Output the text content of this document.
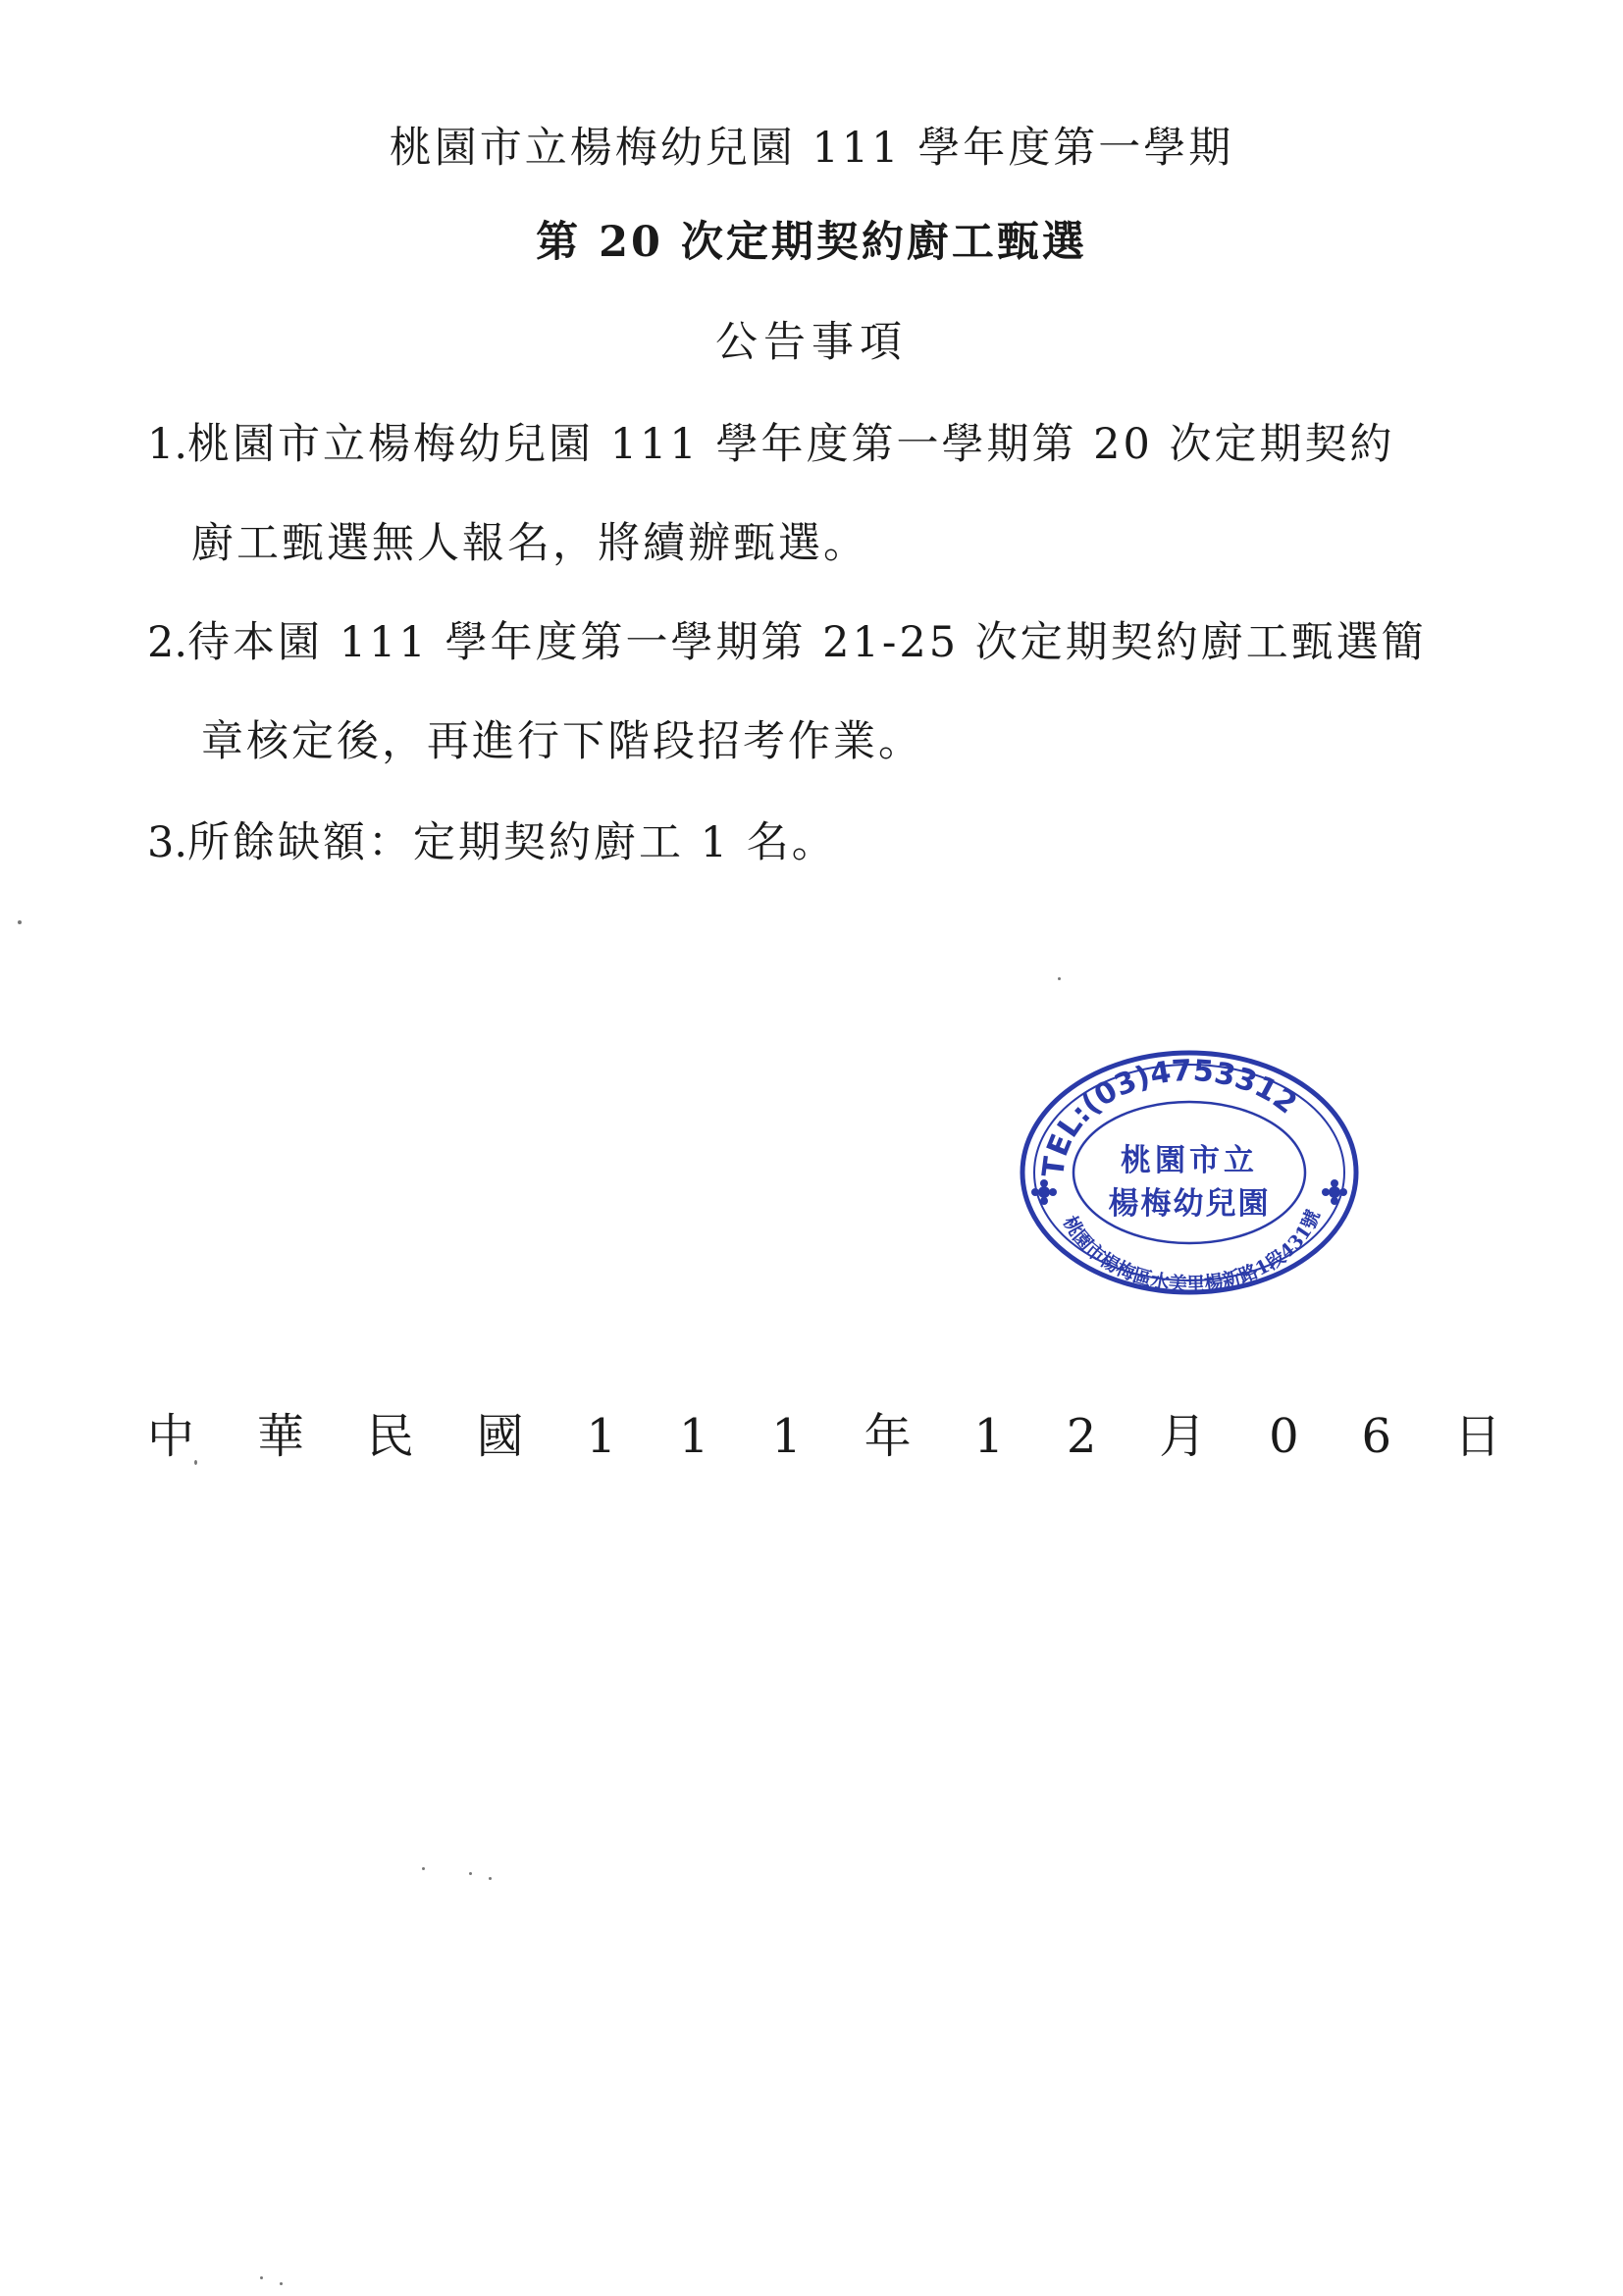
桃園市立楊梅幼兒園 111 學年度第一學期
第 20 次定期契約廚工甄選
公告事項
1.桃園市立楊梅幼兒園 111 學年度第一學期第 20 次定期契約
廚工甄選無人報名，將續辦甄選。
2.待本園 111 學年度第一學期第 21-25 次定期契約廚工甄選簡
章核定後，再進行下階段招考作業。
3.所餘缺額：定期契約廚工 1 名。
TEL:(03)4753312
桃園市楊梅區水美里楊新路1段431號
桃園市立
楊梅幼兒園
中 華 民 國 1 1 1 年 1 2 月 0 6 日
